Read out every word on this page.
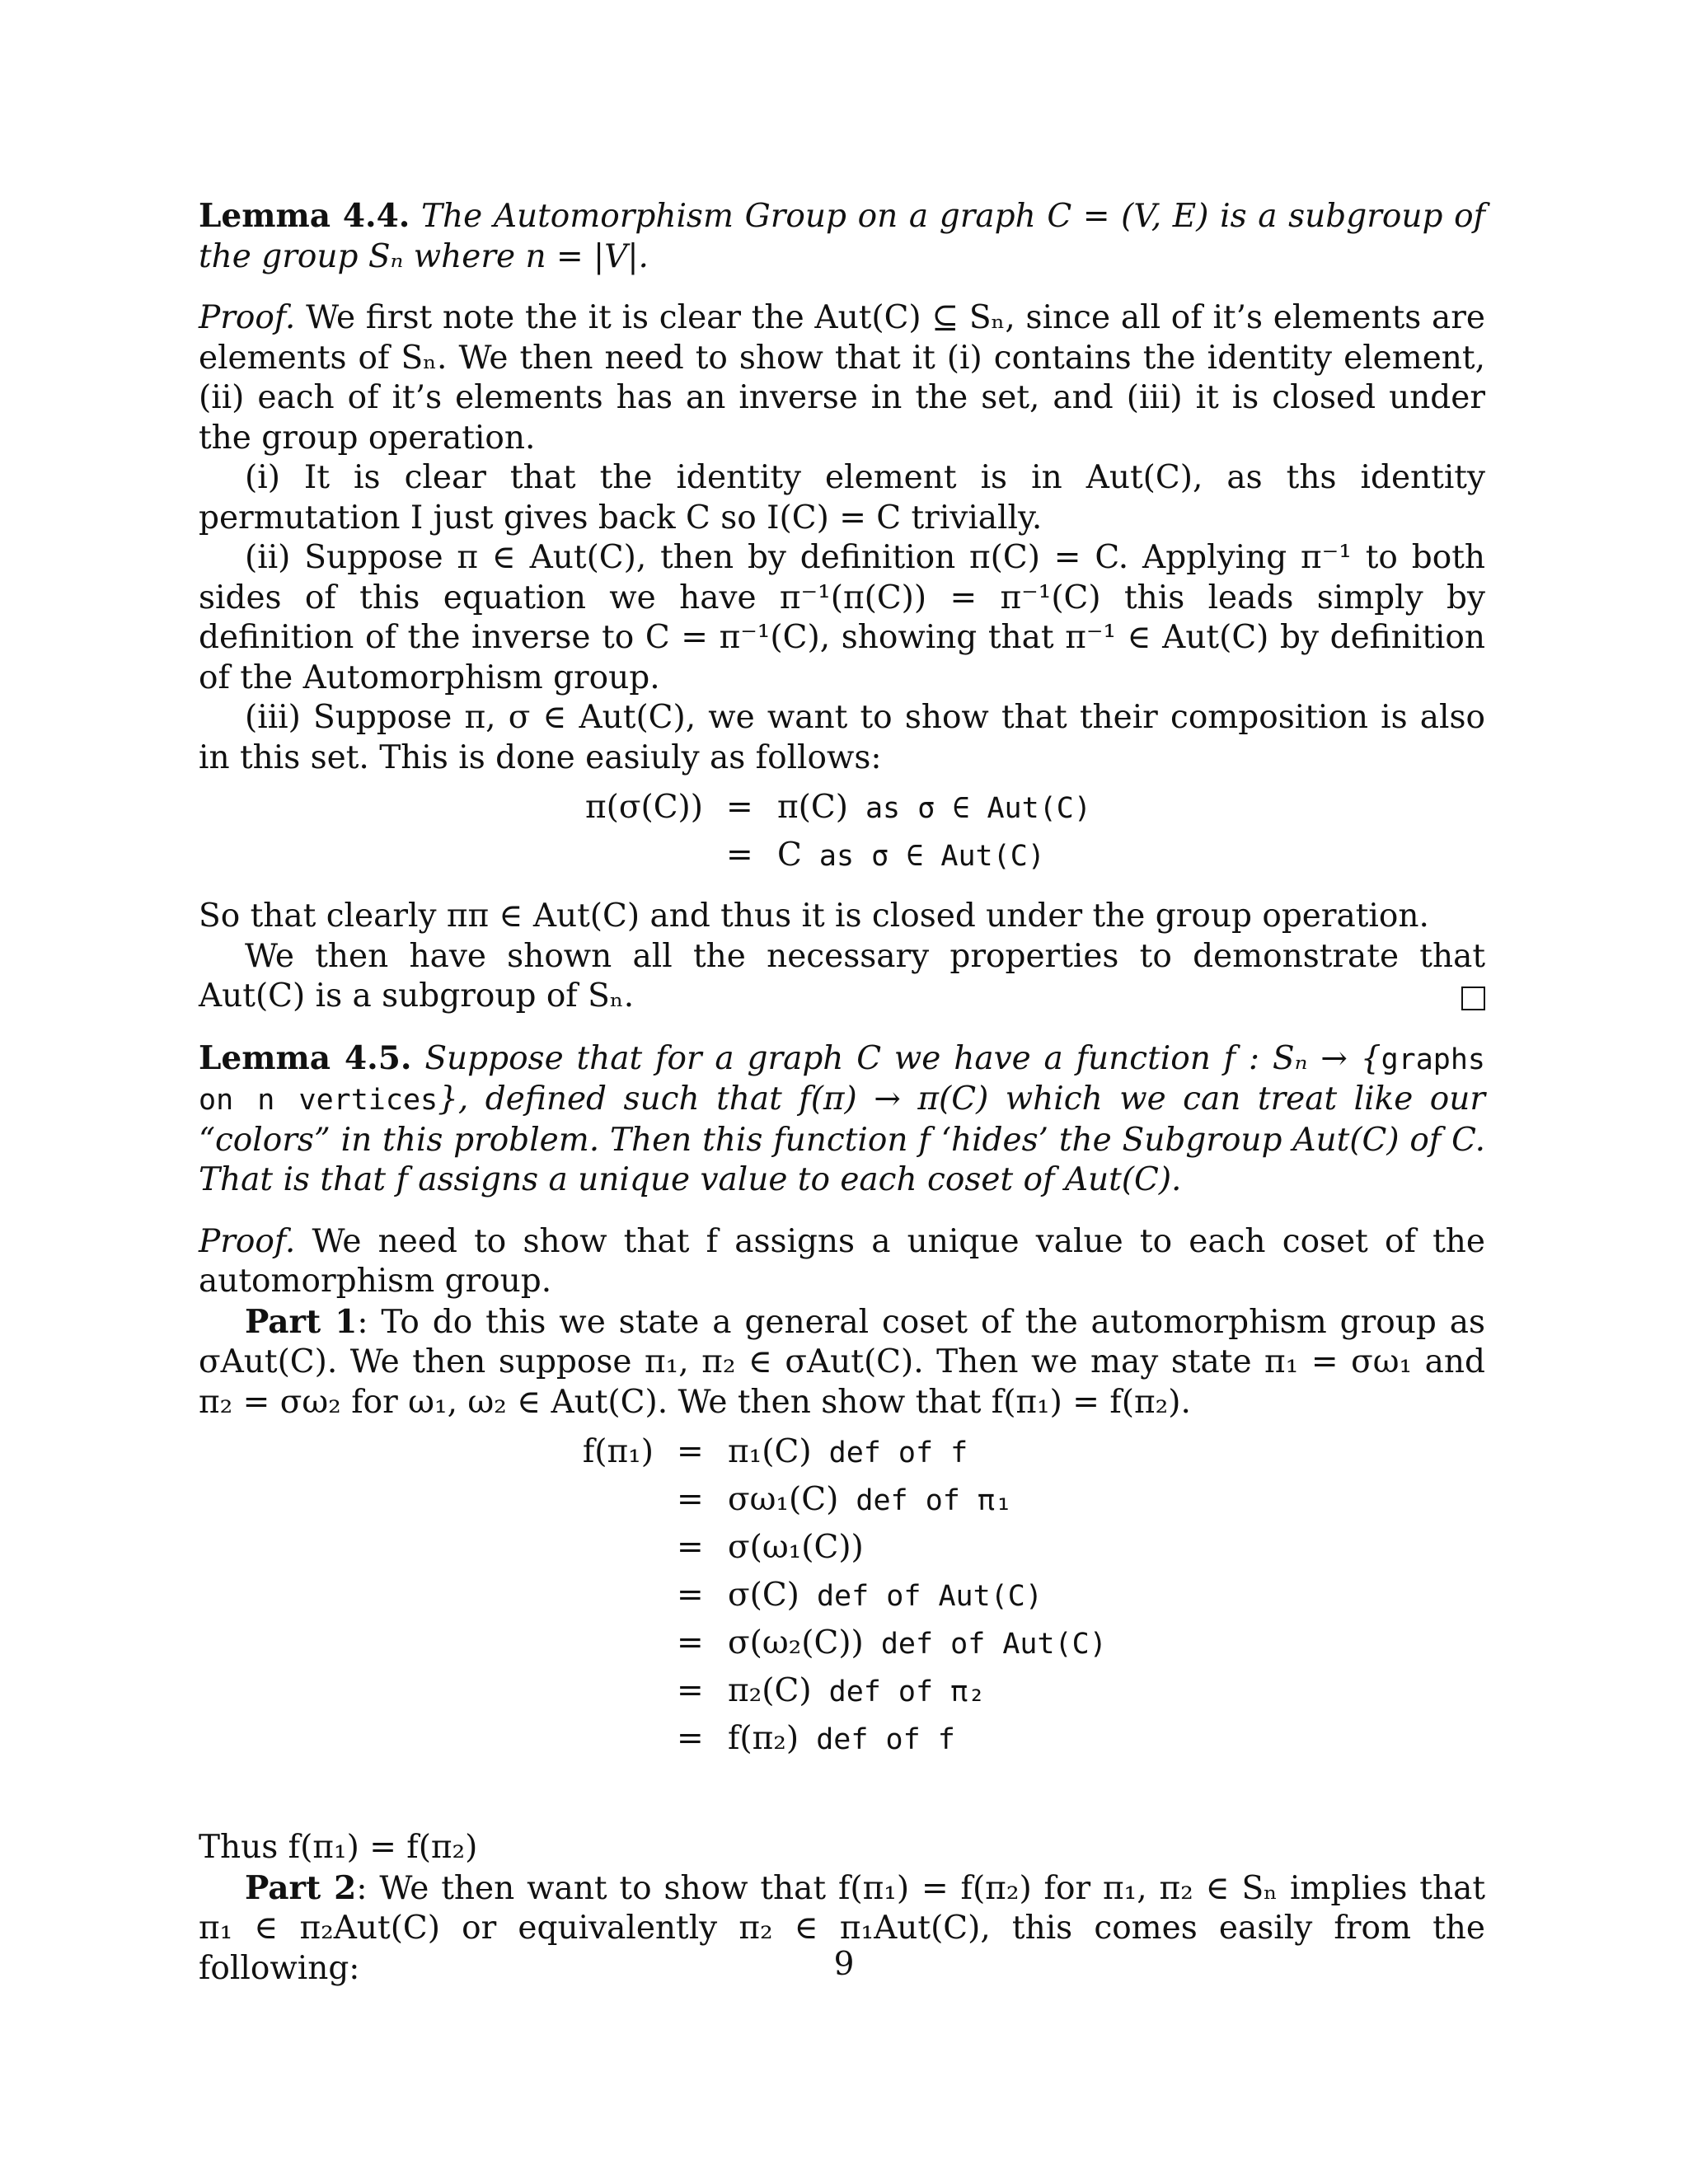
Lemma 4.4. The Automorphism Group on a graph C = (V, E) is a subgroup of the group Sₙ where n = |V|.

Proof. We first note the it is clear the Aut(C) ⊆ Sₙ, since all of it’s elements are elements of Sₙ. We then need to show that it (i) contains the identity element, (ii) each of it’s elements has an inverse in the set, and (iii) it is closed under the group operation.

(i) It is clear that the identity element is in Aut(C), as ths identity permutation I just gives back C so I(C) = C trivially.

(ii) Suppose π ∈ Aut(C), then by definition π(C) = C. Applying π⁻¹ to both sides of this equation we have π⁻¹(π(C)) = π⁻¹(C) this leads simply by definition of the inverse to C = π⁻¹(C), showing that π⁻¹ ∈ Aut(C) by definition of the Automorphism group.

(iii) Suppose π, σ ∈ Aut(C), we want to show that their composition is also in this set. This is done easiuly as follows:

π(σ(C)) = π(C) as σ ∈ Aut(C)
= C as σ ∈ Aut(C)

So that clearly ππ ∈ Aut(C) and thus it is closed under the group operation.

We then have shown all the necessary properties to demonstrate that Aut(C) is a subgroup of Sₙ.

Lemma 4.5. Suppose that for a graph C we have a function f : Sₙ → {graphs on n vertices}, defined such that f(π) → π(C) which we can treat like our “colors” in this problem. Then this function f ‘hides’ the Subgroup Aut(C) of C. That is that f assigns a unique value to each coset of Aut(C).

Proof. We need to show that f assigns a unique value to each coset of the automorphism group.

Part 1: To do this we state a general coset of the automorphism group as σAut(C). We then suppose π₁, π₂ ∈ σAut(C). Then we may state π₁ = σω₁ and π₂ = σω₂ for ω₁, ω₂ ∈ Aut(C). We then show that f(π₁) = f(π₂).

f(π₁) = π₁(C) def of f
= σω₁(C) def of π₁
= σ(ω₁(C))
= σ(C) def of Aut(C)
= σ(ω₂(C)) def of Aut(C)
= π₂(C) def of π₂
= f(π₂) def of f

Thus f(π₁) = f(π₂)

Part 2: We then want to show that f(π₁) = f(π₂) for π₁, π₂ ∈ Sₙ implies that π₁ ∈ π₂Aut(C) or equivalently π₂ ∈ π₁Aut(C), this comes easily from the following:	9
